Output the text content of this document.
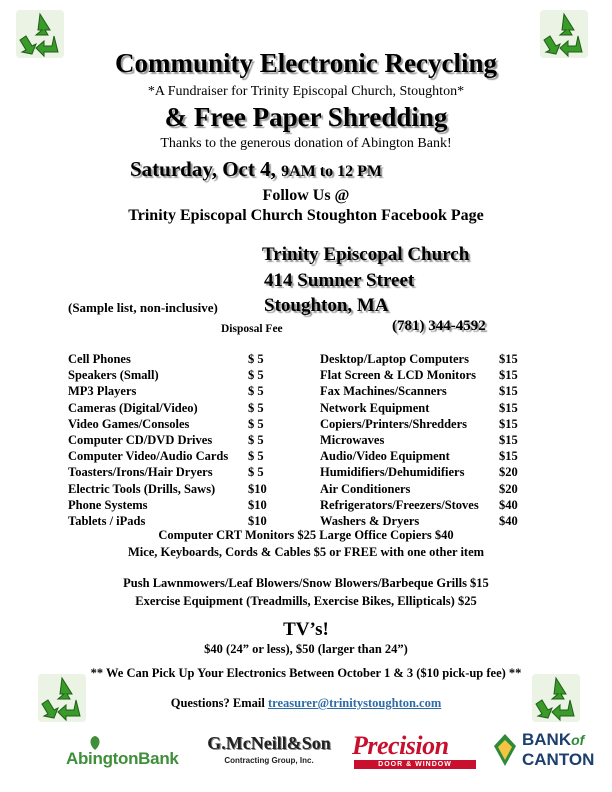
Community Electronic Recycling
*A Fundraiser for Trinity Episcopal Church, Stoughton*
& Free Paper Shredding
Thanks to the generous donation of Abington Bank!
Saturday, Oct 4, 9AM to 12 PM
Follow Us @
Trinity Episcopal Church Stoughton Facebook Page
Trinity Episcopal Church
414 Sumner Street
(Sample list, non-inclusive) Stoughton, MA
Disposal Fee	(781) 344-4592
Cell Phones	$ 5
Speakers (Small)	$ 5
MP3 Players	$ 5
Cameras (Digital/Video)	$ 5
Video Games/Consoles	$ 5
Computer CD/DVD Drives	$ 5
Computer Video/Audio Cards $ 5
Toasters/Irons/Hair Dryers	$ 5
Electric Tools (Drills, Saws)	$10
Phone Systems	$10
Tablets / iPads	$10
Desktop/Laptop Computers $15
Flat Screen & LCD Monitors $15
Fax Machines/Scanners	$15
Network Equipment	$15
Copiers/Printers/Shredders	$15
Microwaves	$15
Audio/Video Equipment	$15
Humidifiers/Dehumidifiers	$20
Air Conditioners	$20
Refrigerators/Freezers/Stoves $40
Washers & Dryers	$40
Computer CRT Monitors $25 Large Office Copiers $40
Mice, Keyboards, Cords & Cables $5 or FREE with one other item
Push Lawnmowers/Leaf Blowers/Snow Blowers/Barbeque Grills $15
Exercise Equipment (Treadmills, Exercise Bikes, Ellipticals) $25
TV’s!
$40 (24” or less), $50 (larger than 24”)
** We Can Pick Up Your Electronics Between October 1 & 3 ($10 pick-up fee) **
Questions? Email treasurer@trinitystoughton.com
AbingtonBank
G.McNeill&Son
Contracting Group, Inc.
Precision
DOOR & WINDOW
BANKof
CANTON
